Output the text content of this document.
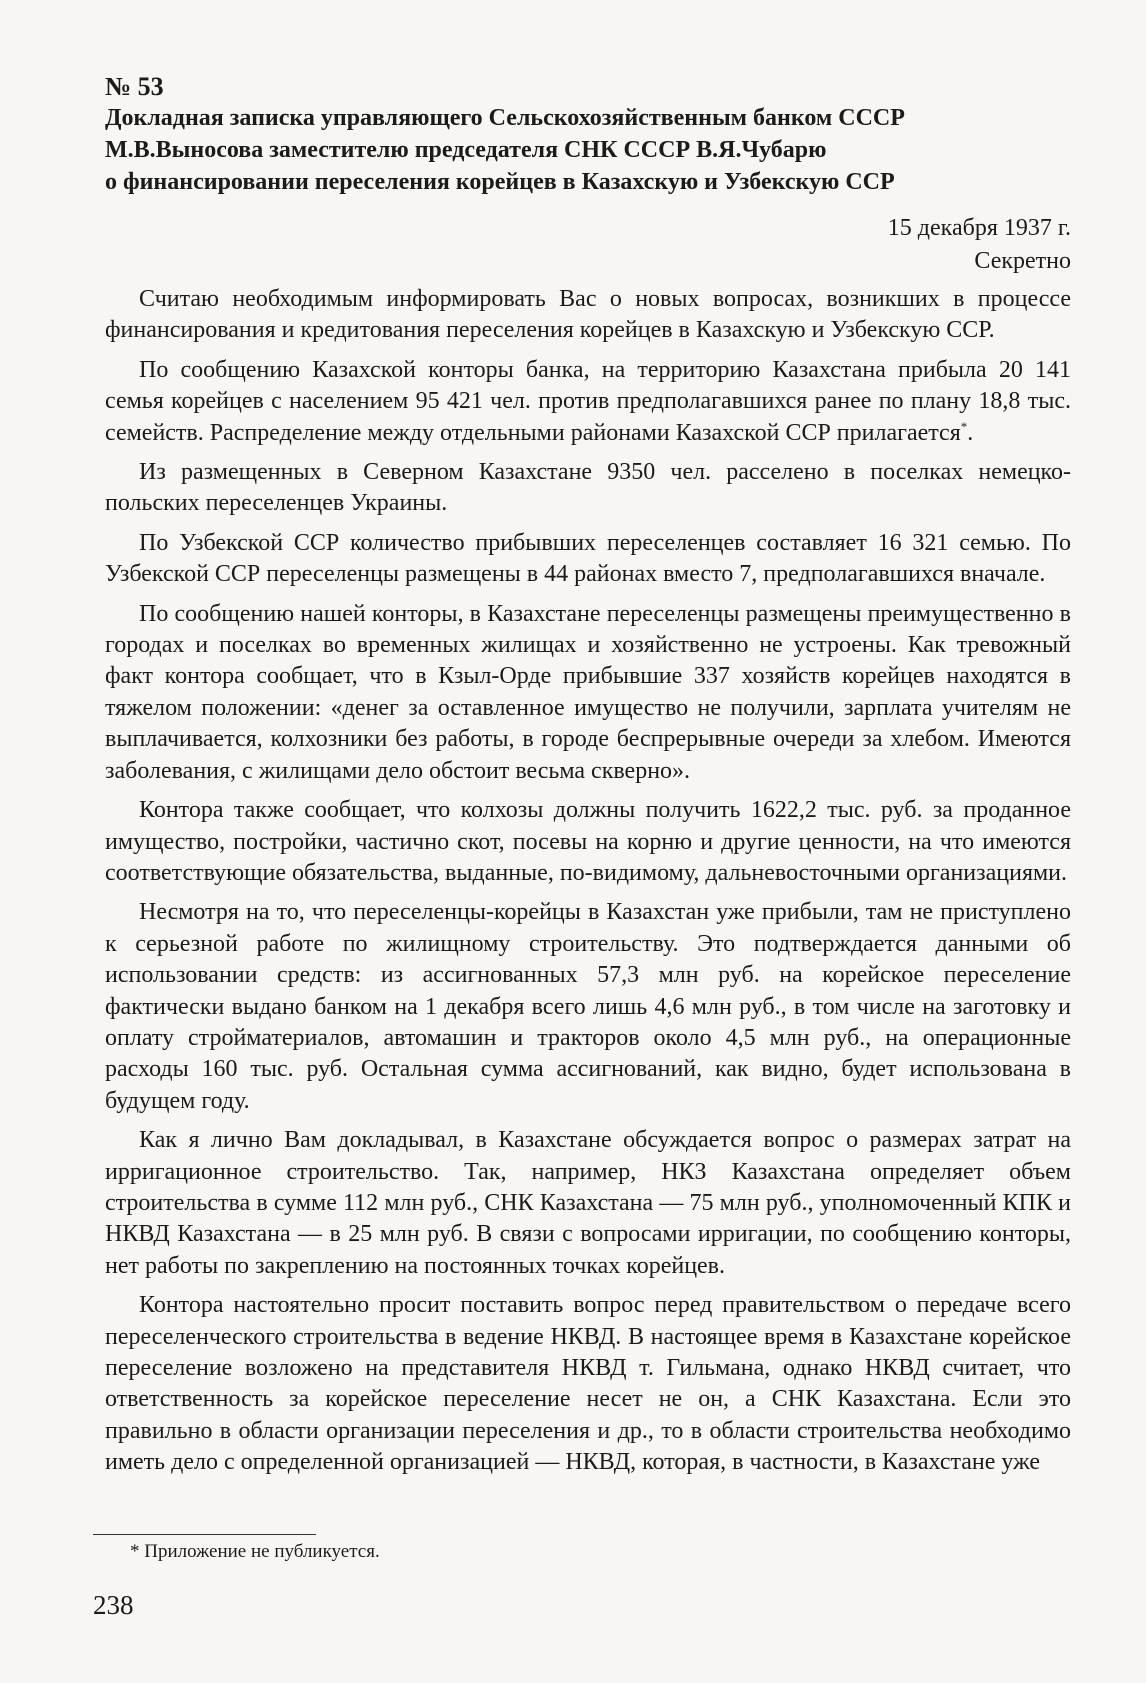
№ 53
Докладная записка управляющего Сельскохозяйственным банком СССР
М.В.Выносова заместителю председателя СНК СССР В.Я.Чубарю
о финансировании переселения корейцев в Казахскую и Узбекскую ССР
15 декабря 1937 г.
Секретно

Считаю необходимым информировать Вас о новых вопросах, возникших в процессе финансирования и кредитования переселения корейцев в Казахскую и Узбекскую ССР.

По сообщению Казахской конторы банка, на территорию Казахстана прибыла 20 141 семья корейцев с населением 95 421 чел. против предполагавшихся ранее по плану 18,8 тыс. семейств. Распределение между отдельными районами Казахской ССР прилагается*.

Из размещенных в Северном Казахстане 9350 чел. расселено в поселках немецко-польских переселенцев Украины.

По Узбекской ССР количество прибывших переселенцев составляет 16 321 семью. По Узбекской ССР переселенцы размещены в 44 районах вместо 7, предполагавшихся вначале.

По сообщению нашей конторы, в Казахстане переселенцы размещены преимущественно в городах и поселках во временных жилищах и хозяйственно не устроены. Как тревожный факт контора сообщает, что в Кзыл-Орде прибывшие 337 хозяйств корейцев находятся в тяжелом положении: «денег за оставленное имущество не получили, зарплата учителям не выплачивается, колхозники без работы, в городе беспрерывные очереди за хлебом. Имеются заболевания, с жилищами дело обстоит весьма скверно».

Контора также сообщает, что колхозы должны получить 1622,2 тыс. руб. за проданное имущество, постройки, частично скот, посевы на корню и другие ценности, на что имеются соответствующие обязательства, выданные, по-видимому, дальневосточными организациями.

Несмотря на то, что переселенцы-корейцы в Казахстан уже прибыли, там не приступлено к серьезной работе по жилищному строительству. Это подтверждается данными об использовании средств: из ассигнованных 57,3 млн руб. на корейское переселение фактически выдано банком на 1 декабря всего лишь 4,6 млн руб., в том числе на заготовку и оплату стройматериалов, автомашин и тракторов около 4,5 млн руб., на операционные расходы 160 тыс. руб. Остальная сумма ассигнований, как видно, будет использована в будущем году.

Как я лично Вам докладывал, в Казахстане обсуждается вопрос о размерах затрат на ирригационное строительство. Так, например, НКЗ Казахстана определяет объем строительства в сумме 112 млн руб., СНК Казахстана — 75 млн руб., уполномоченный КПК и НКВД Казахстана — в 25 млн руб. В связи с вопросами ирригации, по сообщению конторы, нет работы по закреплению на постоянных точках корейцев.

Контора настоятельно просит поставить вопрос перед правительством о передаче всего переселенческого строительства в ведение НКВД. В настоящее время в Казахстане корейское переселение возложено на представителя НКВД т. Гильмана, однако НКВД считает, что ответственность за корейское переселение несет не он, а СНК Казахстана. Если это правильно в области организации переселения и др., то в области строительства необходимо иметь дело с определенной организацией — НКВД, которая, в частности, в Казахстане уже

* Приложение не публикуется.
238
